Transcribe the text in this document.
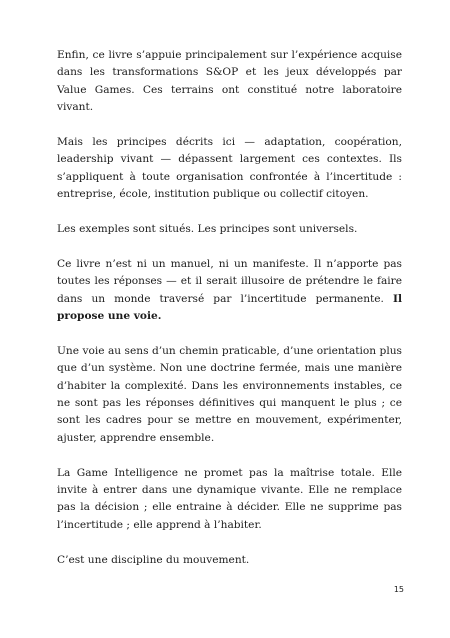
Enfin, ce livre s’appuie principalement sur l’expérience acquise dans les transformations S&OP et les jeux développés par Value Games. Ces terrains ont constitué notre laboratoire vivant.

Mais les principes décrits ici — adaptation, coopération, leadership vivant — dépassent largement ces contextes. Ils s’appliquent à toute organisation confrontée à l’incertitude : entreprise, école, institution publique ou collectif citoyen.

Les exemples sont situés. Les principes sont universels.

Ce livre n’est ni un manuel, ni un manifeste. Il n’apporte pas toutes les réponses — et il serait illusoire de prétendre le faire dans un monde traversé par l’incertitude permanente. Il propose une voie.

Une voie au sens d’un chemin praticable, d’une orientation plus que d’un système. Non une doctrine fermée, mais une manière d’habiter la complexité. Dans les environnements instables, ce ne sont pas les réponses définitives qui manquent le plus ; ce sont les cadres pour se mettre en mouvement, expérimenter, ajuster, apprendre ensemble.

La Game Intelligence ne promet pas la maîtrise totale. Elle invite à entrer dans une dynamique vivante. Elle ne remplace pas la décision ; elle entraine à décider. Elle ne supprime pas l’incertitude ; elle apprend à l’habiter.

C’est une discipline du mouvement.

15
